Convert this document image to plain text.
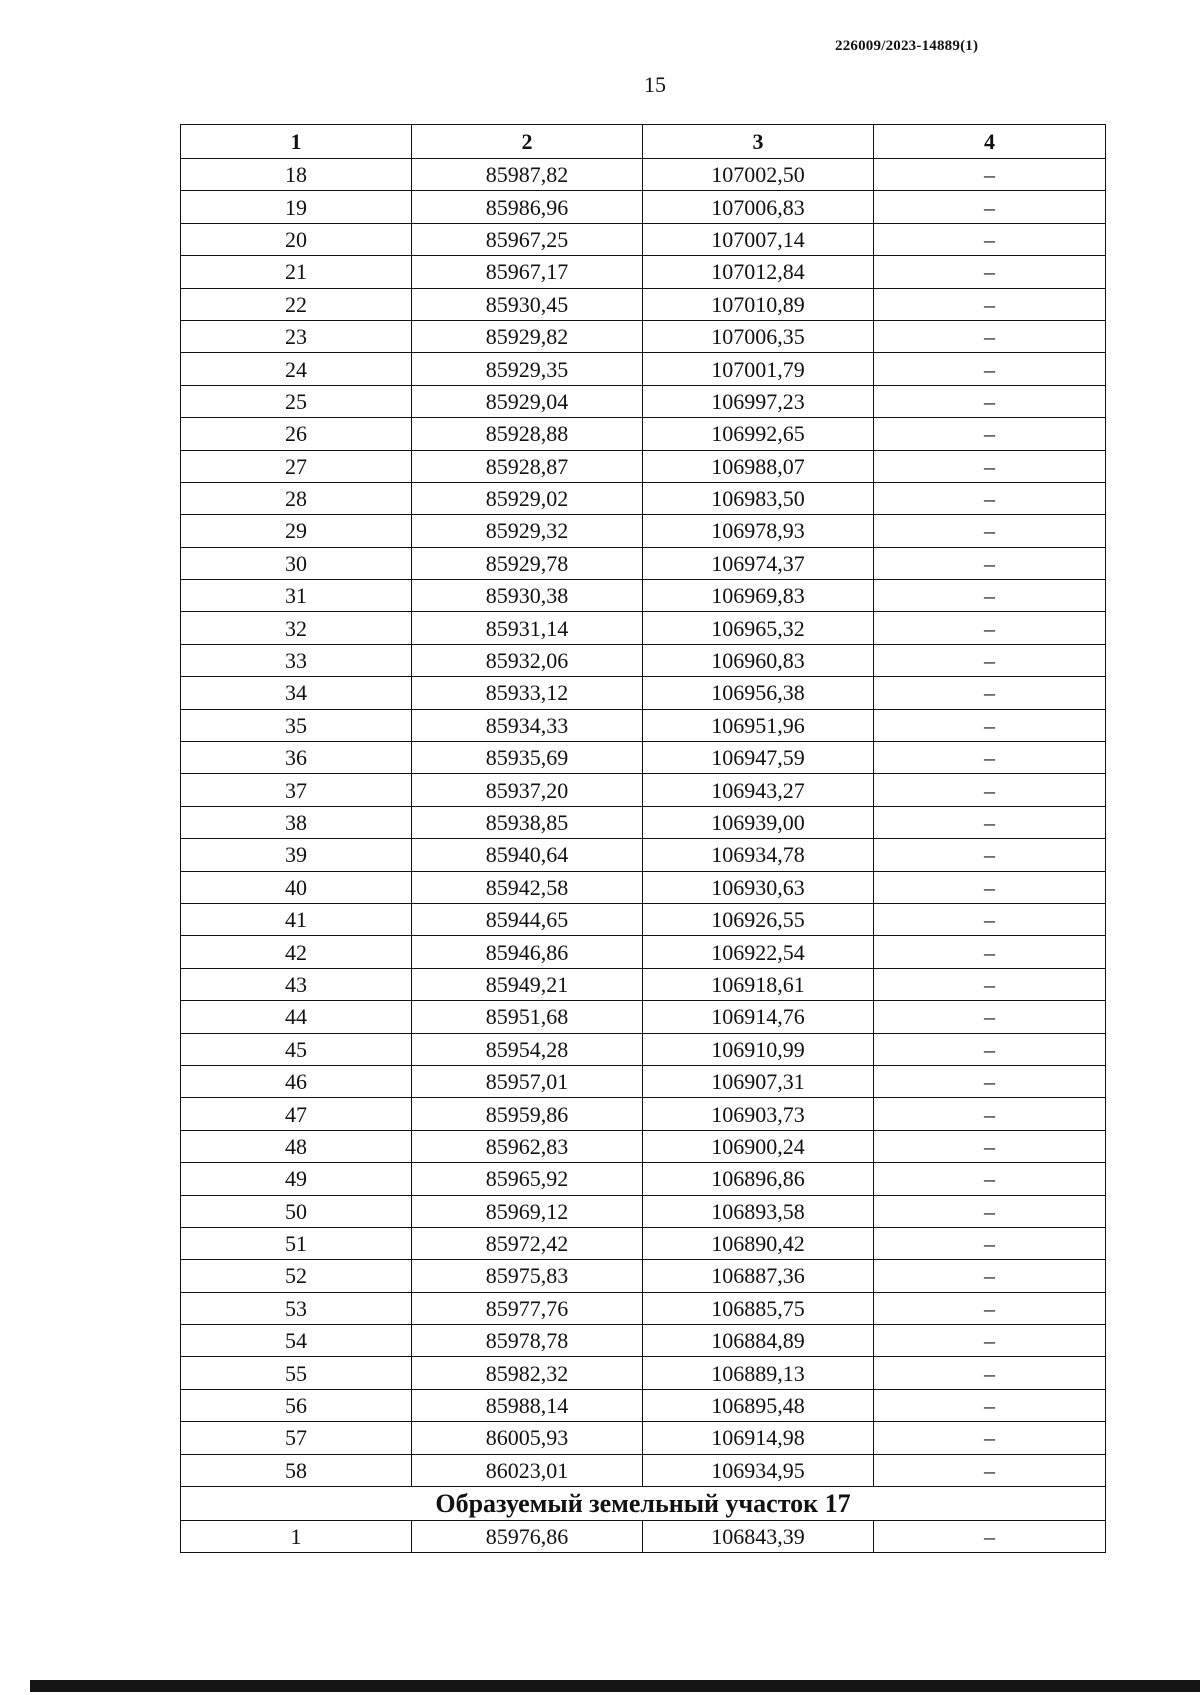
226009/2023-14889(1)
15
1	2	3	4
18	85987,82	107002,50	–
19	85986,96	107006,83	–
20	85967,25	107007,14	–
21	85967,17	107012,84	–
22	85930,45	107010,89	–
23	85929,82	107006,35	–
24	85929,35	107001,79	–
25	85929,04	106997,23	–
26	85928,88	106992,65	–
27	85928,87	106988,07	–
28	85929,02	106983,50	–
29	85929,32	106978,93	–
30	85929,78	106974,37	–
31	85930,38	106969,83	–
32	85931,14	106965,32	–
33	85932,06	106960,83	–
34	85933,12	106956,38	–
35	85934,33	106951,96	–
36	85935,69	106947,59	–
37	85937,20	106943,27	–
38	85938,85	106939,00	–
39	85940,64	106934,78	–
40	85942,58	106930,63	–
41	85944,65	106926,55	–
42	85946,86	106922,54	–
43	85949,21	106918,61	–
44	85951,68	106914,76	–
45	85954,28	106910,99	–
46	85957,01	106907,31	–
47	85959,86	106903,73	–
48	85962,83	106900,24	–
49	85965,92	106896,86	–
50	85969,12	106893,58	–
51	85972,42	106890,42	–
52	85975,83	106887,36	–
53	85977,76	106885,75	–
54	85978,78	106884,89	–
55	85982,32	106889,13	–
56	85988,14	106895,48	–
57	86005,93	106914,98	–
58	86023,01	106934,95	–
Образуемый земельный участок 17			
1	85976,86	106843,39	–
